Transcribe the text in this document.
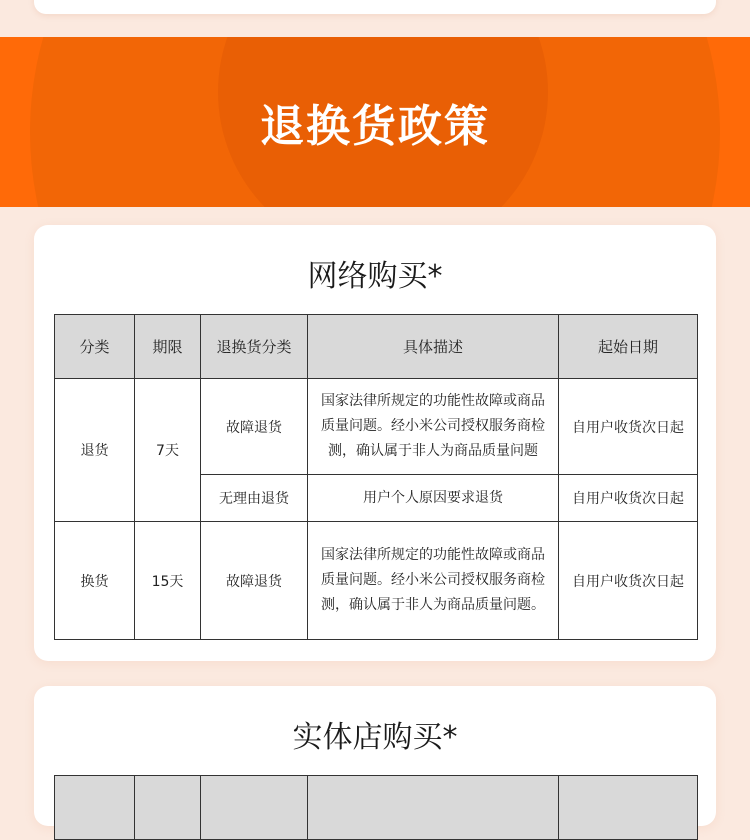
退换货政策
网络购买*
分类	期限	退换货分类	具体描述	起始日期
退货	7天	故障退货	国家法律所规定的功能性故障或商品质量问题。经小米公司授权服务商检测，确认属于非人为商品质量问题	自用户收货次日起
		无理由退货	用户个人原因要求退货	自用户收货次日起
换货	15天	故障退货	国家法律所规定的功能性故障或商品质量问题。经小米公司授权服务商检测，确认属于非人为商品质量问题。	自用户收货次日起
实体店购买*
